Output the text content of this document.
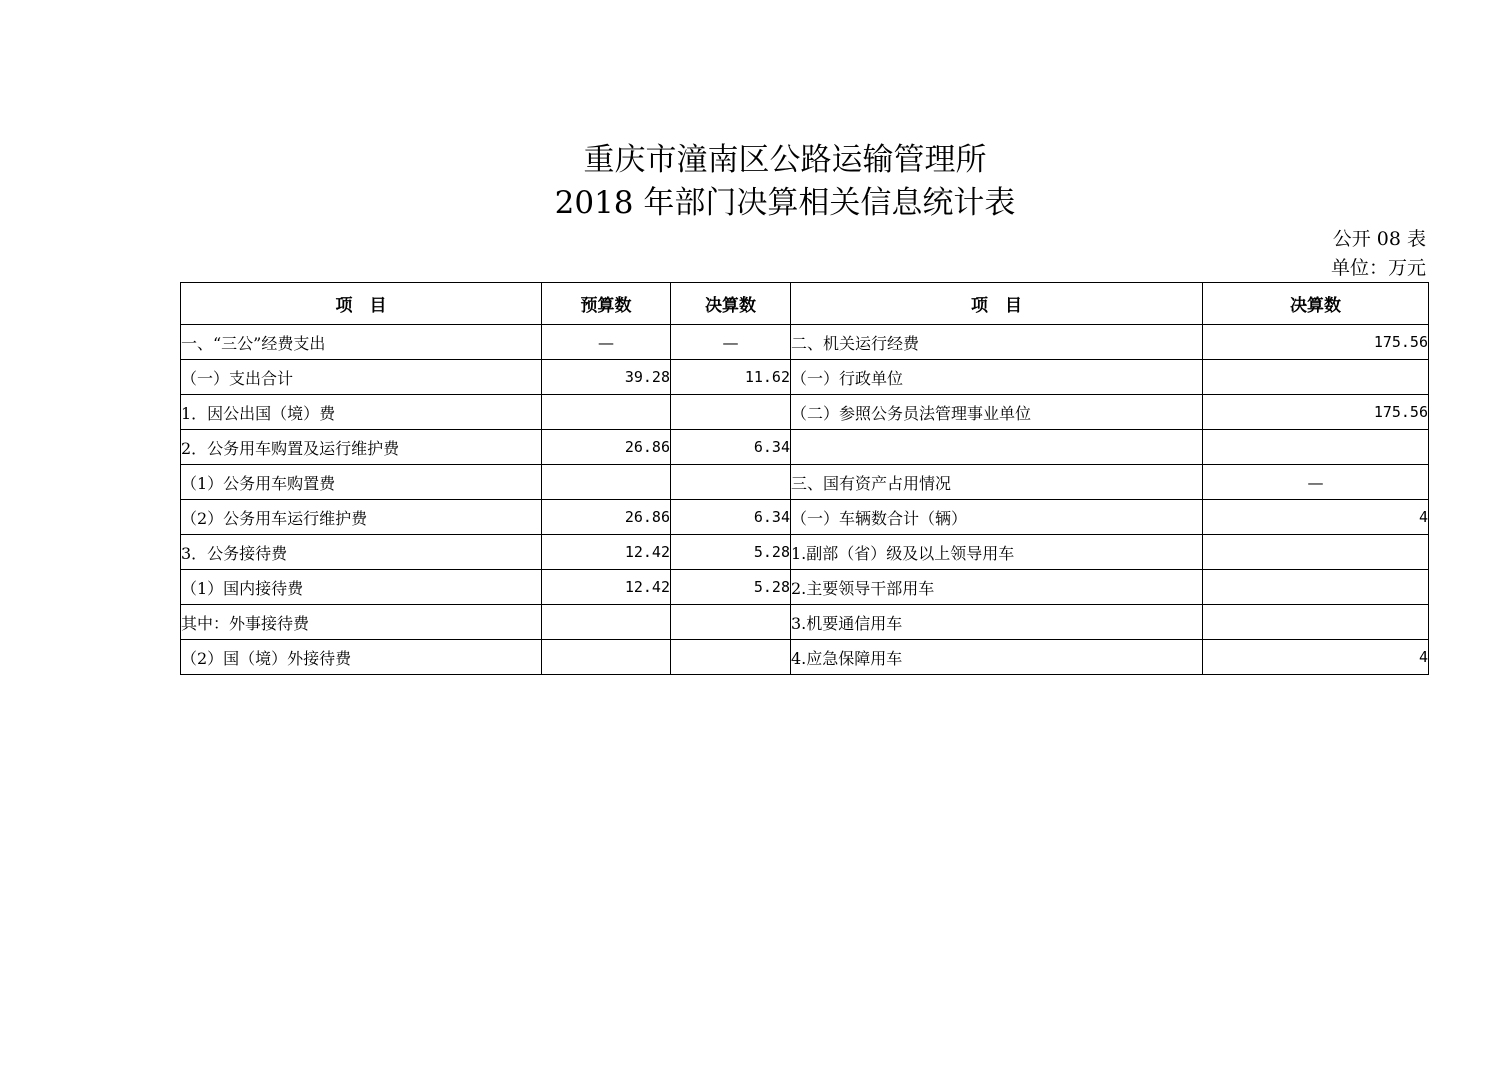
重庆市潼南区公路运输管理所
2018 年部门决算相关信息统计表
公开 08 表
单位：万元
项　目	预算数	决算数	项　目	决算数
一、“三公”经费支出	—	—	二、机关运行经费	175.56
（一）支出合计	39.28	11.62	（一）行政单位	
1．因公出国（境）费			（二）参照公务员法管理事业单位	175.56
2．公务用车购置及运行维护费	26.86	6.34		
（1）公务用车购置费			三、国有资产占用情况	—
（2）公务用车运行维护费	26.86	6.34	（一）车辆数合计（辆）	4
3．公务接待费	12.42	5.28	1.副部（省）级及以上领导用车	
（1）国内接待费	12.42	5.28	2.主要领导干部用车	
其中：外事接待费			3.机要通信用车	
（2）国（境）外接待费			4.应急保障用车	4
